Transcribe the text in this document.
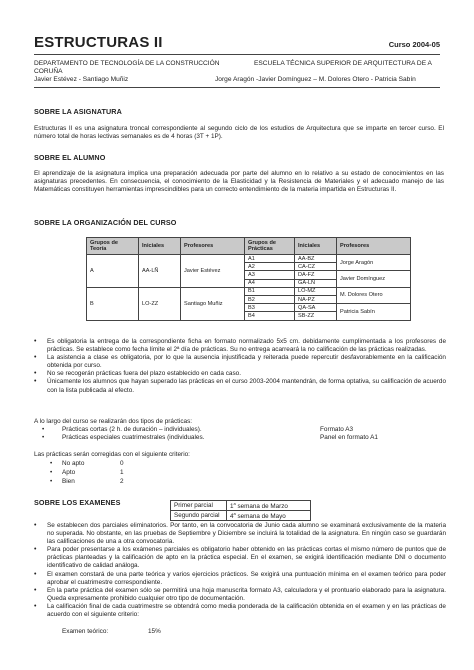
ESTRUCTURAS II	Curso 2004-05
DEPARTAMENTO DE TECNOLOGÍA DE LA CONSTRUCCIÓN	ESCUELA TÉCNICA SUPERIOR DE ARQUITECTURA DE A
CORUÑA
Javier Estévez - Santiago Muñiz	Jorge Aragón -Javier Domínguez – M. Dolores Otero - Patricia Sabín
SOBRE LA ASIGNATURA
Estructuras II es una asignatura troncal correspondiente al segundo ciclo de los estudios de Arquitectura que se imparte en tercer curso. El número total de horas lectivas semanales es de 4 horas (3T + 1P).
SOBRE EL ALUMNO
El aprendizaje de la asignatura implica una preparación adecuada por parte del alumno en lo relativo a su estado de conocimientos en las asignaturas precedentes. En consecuencia, el conocimiento de la Elasticidad y la Resistencia de Materiales y el adecuado manejo de las Matemáticas constituyen herramientas imprescindibles para un correcto entendimiento de la materia impartida en Estructuras II.
SOBRE LA ORGANIZACIÓN DEL CURSO
Grupos de Teoría	Iniciales	Profesores	Grupos de Prácticas	Iniciales	Profesores
A	AA-LÑ	Javier Estévez	A1	AA-BZ	Jorge Aragón
			A2	CA-CZ	
			A3	DA-FZ	Javier Domínguez
			A4	GA-LÑ	
B	LO-ZZ	Santiago Muñiz	B1	LO-MZ	M. Dolores Otero
			B2	NA-PZ	
			B3	QA-SA	Patricia Sabín
			B4	SB-ZZ	
• Es obligatoria la entrega de la correspondiente ficha en formato normalizado 5x5 cm. debidamente cumplimentada a los profesores de prácticas. Se establece como fecha límite el 2ª día de prácticas. Su no entrega acarreará la no calificación de las prácticas realizadas.
• La asistencia a clase es obligatoria, por lo que la ausencia injustificada y reiterada puede repercutir desfavorablemente en la calificación obtenida por curso.
• No se recogerán prácticas fuera del plazo establecido en cada caso.
• Únicamente los alumnos que hayan superado las prácticas en el curso 2003-2004 mantendrán, de forma optativa, su calificación de acuerdo con la lista publicada al efecto.
A lo largo del curso se realizarán dos tipos de prácticas:
•	Prácticas cortas (2 h. de duración – individuales).	Formato A3
•	Prácticas especiales cuatrimestrales (individuales.	Panel en formato A1
Las prácticas serán corregidas con el siguiente criterio:
• No apto	0
• Apto	1
• Bien	2
SOBRE LOS EXAMENES	Primer parcial	1$^a$ semana de Marzo
Segundo parcial	4$^a$ semana de Mayo
• Se establecen dos parciales eliminatorios. Por tanto, en la convocatoria de Junio cada alumno se examinará exclusivamente de la materia no superada. No obstante, en las pruebas de Septiembre y Diciembre se incluirá la totalidad de la asignatura. En ningún caso se guardarán las calificaciones de una a otra convocatoria.
• Para poder presentarse a los exámenes parciales es obligatorio haber obtenido en las prácticas cortas el mismo número de puntos que de prácticas planteadas y la calificación de apto en la práctica especial. En el examen, se exigirá identificación mediante DNI o documento identificativo de calidad análoga.
• El examen constará de una parte teórica y varios ejercicios prácticos. Se exigirá una puntuación mínima en el examen teórico para poder aprobar el cuatrimestre correspondiente.
• En la parte práctica del examen sólo se permitirá una hoja manuscrita formato A3, calculadora y el prontuario elaborado para la asignatura. Queda expresamente prohibido cualquier otro tipo de documentación.
• La calificación final de cada cuatrimestre se obtendrá como media ponderada de la calificación obtenida en el examen y en las prácticas de acuerdo con el siguiente criterio:
Examen teórico:	15%
